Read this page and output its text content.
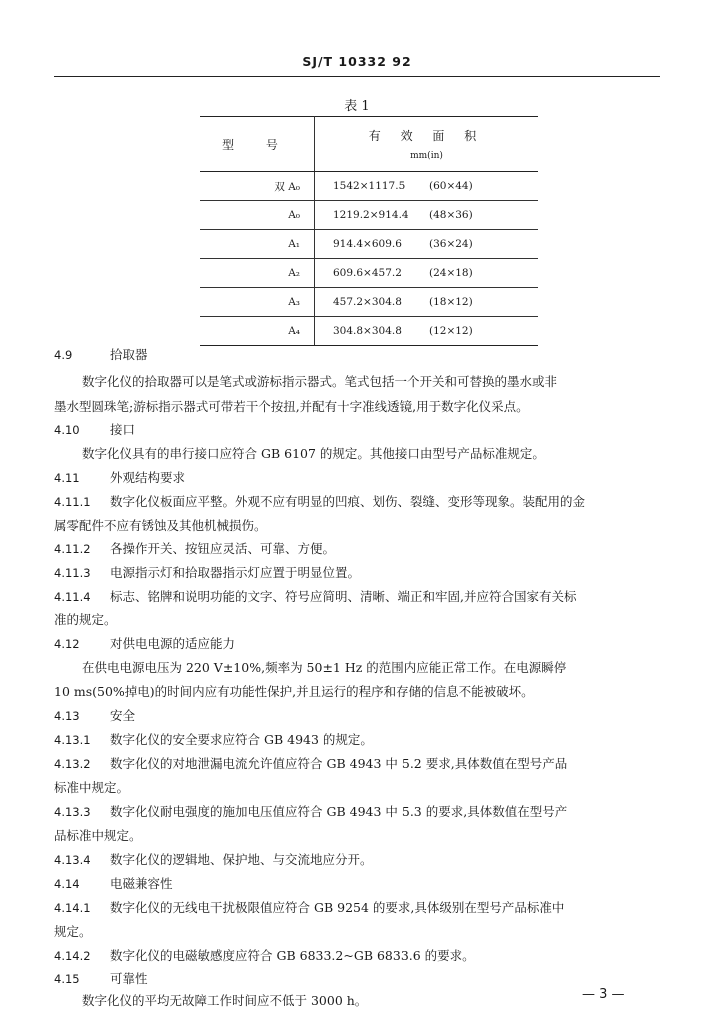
SJ/T 10332 92
表 1
型 号	有 效 面 积
mm(in)

双 A₀	1542×1117.5 (60×44)
A₀	1219.2×914.4 (48×36)
A₁	914.4×609.6 (36×24)
A₂	609.6×457.2 (24×18)
A₃	457.2×304.8 (18×12)
A₄	304.8×304.8 (12×12)
4.9	拾取器
数字化仪的拾取器可以是笔式或游标指示器式。笔式包括一个开关和可替换的墨水或非
墨水型圆珠笔;游标指示器式可带若干个按扭,并配有十字准线透镜,用于数字化仪采点。
4.10 接口
数字化仪具有的串行接口应符合 GB 6107 的规定。其他接口由型号产品标准规定。
4.11 外观结构要求
4.11.1 数字化仪板面应平整。外观不应有明显的凹痕、划伤、裂缝、变形等现象。装配用的金
属零配件不应有锈蚀及其他机械损伤。
4.11.2 各操作开关、按钮应灵活、可靠、方便。
4.11.3 电源指示灯和拾取器指示灯应置于明显位置。
4.11.4 标志、铭牌和说明功能的文字、符号应简明、清晰、端正和牢固,并应符合国家有关标
准的规定。
4.12 对供电电源的适应能力
在供电电源电压为 220 V±10%,频率为 50±1 Hz 的范围内应能正常工作。在电源瞬停
10 ms(50%掉电)的时间内应有功能性保护,并且运行的程序和存储的信息不能被破坏。
4.13 安全
4.13.1 数字化仪的安全要求应符合 GB 4943 的规定。
4.13.2 数字化仪的对地泄漏电流允许值应符合 GB 4943 中 5.2 要求,具体数值在型号产品
标准中规定。
4.13.3 数字化仪耐电强度的施加电压值应符合 GB 4943 中 5.3 的要求,具体数值在型号产
品标准中规定。
4.13.4 数字化仪的逻辑地、保护地、与交流地应分开。
4.14 电磁兼容性
4.14.1 数字化仪的无线电干扰极限值应符合 GB 9254 的要求,具体级别在型号产品标准中
规定。
4.14.2 数字化仪的电磁敏感度应符合 GB 6833.2~GB 6833.6 的要求。
4.15 可靠性
数字化仪的平均无故障工作时间应不低于 3000 h。	— 3 —
